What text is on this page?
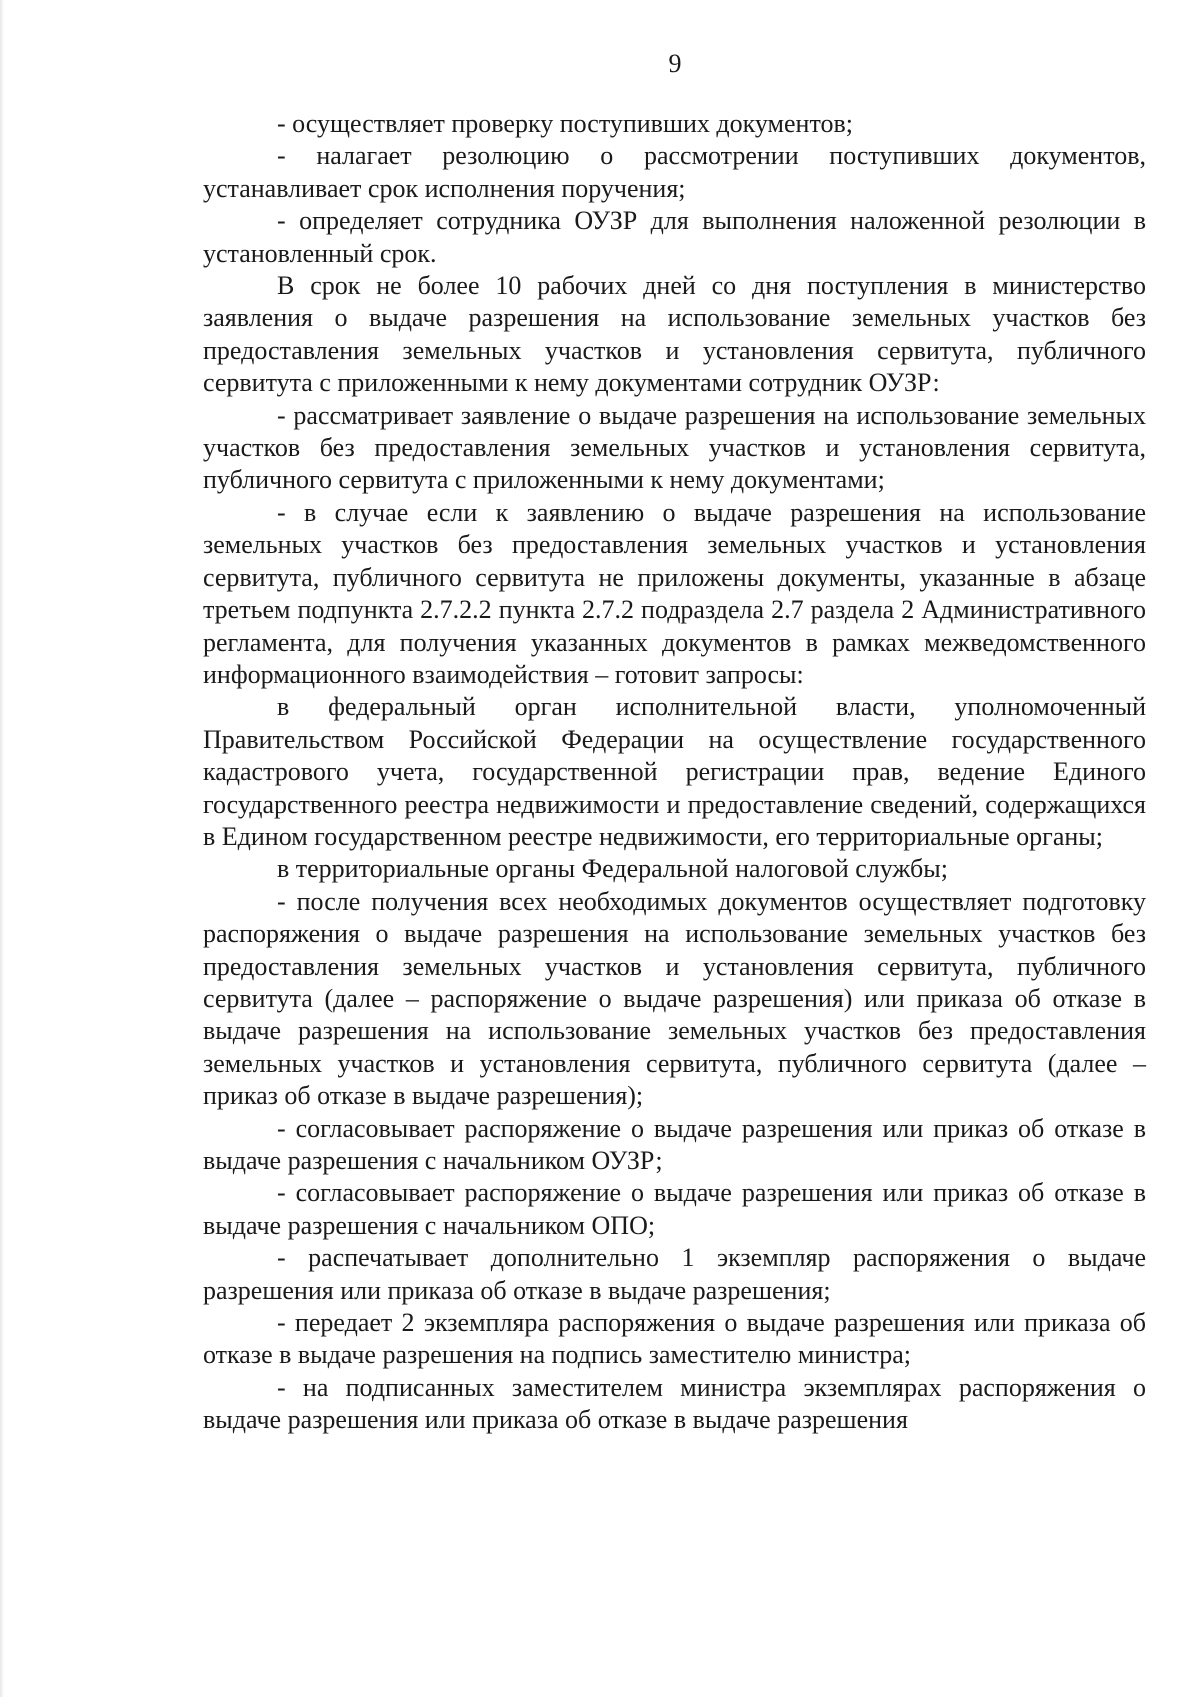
9

- осуществляет проверку поступивших документов;

- налагает резолюцию о рассмотрении поступивших документов, устанавливает срок исполнения поручения;

- определяет сотрудника ОУЗР для выполнения наложенной резолюции в установленный срок.

В срок не более 10 рабочих дней со дня поступления в министерство заявления о выдаче разрешения на использование земельных участков без предоставления земельных участков и установления сервитута, публичного сервитута с приложенными к нему документами сотрудник ОУЗР:

- рассматривает заявление о выдаче разрешения на использование земельных участков без предоставления земельных участков и установления сервитута, публичного сервитута с приложенными к нему документами;

- в случае если к заявлению о выдаче разрешения на использование земельных участков без предоставления земельных участков и установления сервитута, публичного сервитута не приложены документы, указанные в абзаце третьем подпункта 2.7.2.2 пункта 2.7.2 подраздела 2.7 раздела 2 Административного регламента, для получения указанных документов в рамках межведомственного информационного взаимодействия – готовит запросы:

в федеральный орган исполнительной власти, уполномоченный Правительством Российской Федерации на осуществление государственного кадастрового учета, государственной регистрации прав, ведение Единого государственного реестра недвижимости и предоставление сведений, содержащихся в Едином государственном реестре недвижимости, его территориальные органы;

в территориальные органы Федеральной налоговой службы;

- после получения всех необходимых документов осуществляет подготовку распоряжения о выдаче разрешения на использование земельных участков без предоставления земельных участков и установления сервитута, публичного сервитута (далее – распоряжение о выдаче разрешения) или приказа об отказе в выдаче разрешения на использование земельных участков без предоставления земельных участков и установления сервитута, публичного сервитута (далее – приказ об отказе в выдаче разрешения);

- согласовывает распоряжение о выдаче разрешения или приказ об отказе в выдаче разрешения с начальником ОУЗР;

- согласовывает распоряжение о выдаче разрешения или приказ об отказе в выдаче разрешения с начальником ОПО;

- распечатывает дополнительно 1 экземпляр распоряжения о выдаче разрешения или приказа об отказе в выдаче разрешения;

- передает 2 экземпляра распоряжения о выдаче разрешения или приказа об отказе в выдаче разрешения на подпись заместителю министра;

- на подписанных заместителем министра экземплярах распоряжения о выдаче разрешения или приказа об отказе в выдаче разрешения
